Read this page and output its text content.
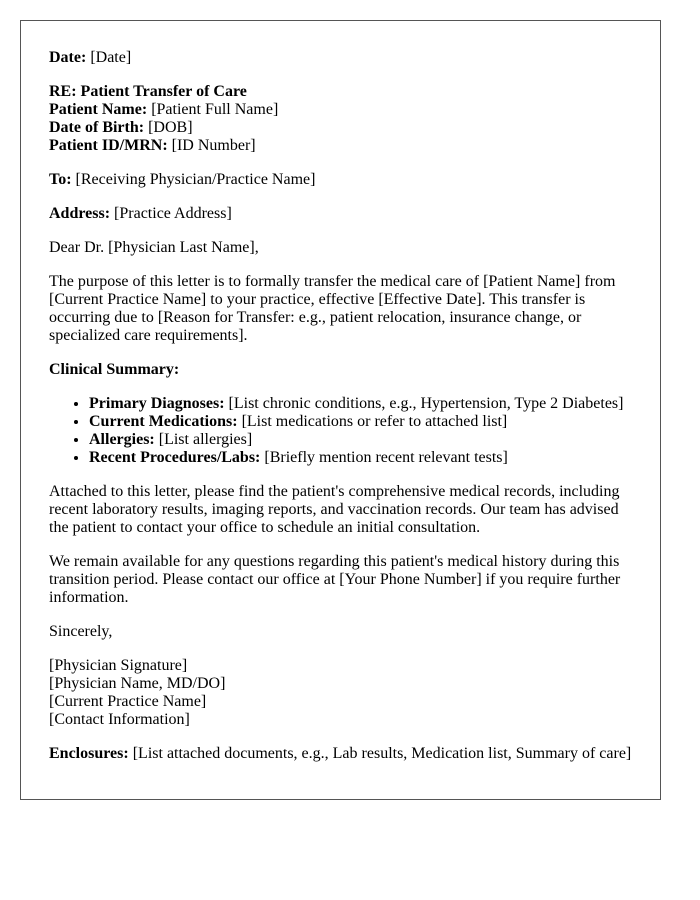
Date: [Date]

RE: Patient Transfer of Care
Patient Name: [Patient Full Name]
Date of Birth: [DOB]
Patient ID/MRN: [ID Number]

To: [Receiving Physician/Practice Name]

Address: [Practice Address]

Dear Dr. [Physician Last Name],

The purpose of this letter is to formally transfer the medical care of [Patient Name] from [Current Practice Name] to your practice, effective [Effective Date]. This transfer is occurring due to [Reason for Transfer: e.g., patient relocation, insurance change, or specialized care requirements].

Clinical Summary:

• Primary Diagnoses: [List chronic conditions, e.g., Hypertension, Type 2 Diabetes]
• Current Medications: [List medications or refer to attached list]
• Allergies: [List allergies]
• Recent Procedures/Labs: [Briefly mention recent relevant tests]

Attached to this letter, please find the patient's comprehensive medical records, including recent laboratory results, imaging reports, and vaccination records. Our team has advised the patient to contact your office to schedule an initial consultation.

We remain available for any questions regarding this patient's medical history during this transition period. Please contact our office at [Your Phone Number] if you require further information.

Sincerely,

[Physician Signature]
[Physician Name, MD/DO]
[Current Practice Name]
[Contact Information]

Enclosures: [List attached documents, e.g., Lab results, Medication list, Summary of care]
